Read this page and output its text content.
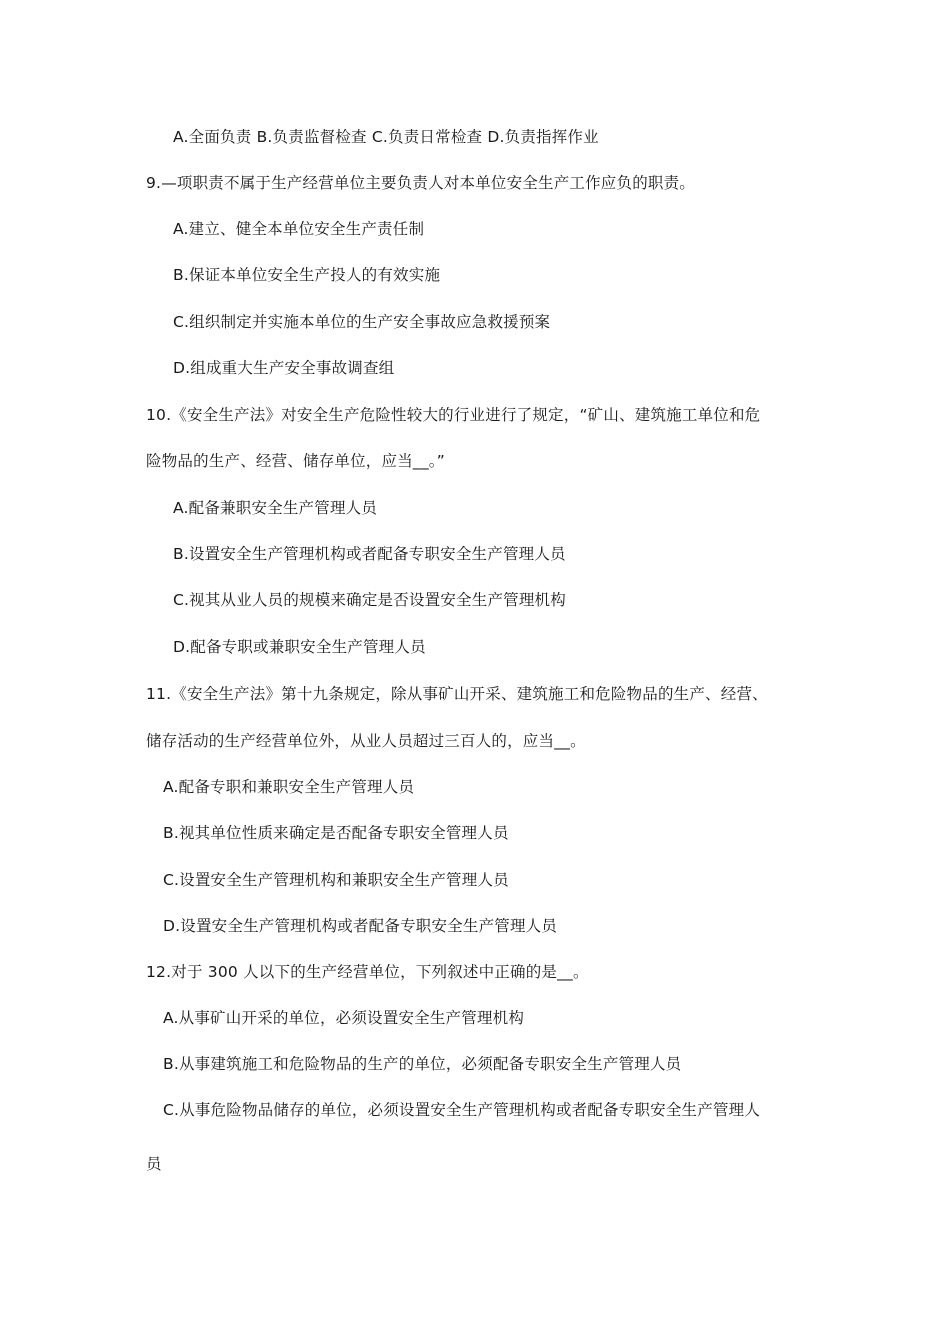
A.全面负责 B.负责监督检查 C.负责日常检查 D.负责指挥作业
9.—项职责不属于生产经营单位主要负责人对本单位安全生产工作应负的职责。
A.建立、健全本单位安全生产责任制
B.保证本单位安全生产投人的有效实施
C.组织制定并实施本单位的生产安全事故应急救援预案
D.组成重大生产安全事故调查组
10.《安全生产法》对安全生产危险性较大的行业进行了规定，“矿山、建筑施工单位和危
险物品的生产、经营、储存单位，应当__。”
A.配备兼职安全生产管理人员
B.设置安全生产管理机构或者配备专职安全生产管理人员
C.视其从业人员的规模来确定是否设置安全生产管理机构
D.配备专职或兼职安全生产管理人员
11.《安全生产法》第十九条规定，除从事矿山开采、建筑施工和危险物品的生产、经营、
储存活动的生产经营单位外，从业人员超过三百人的，应当__。
A.配备专职和兼职安全生产管理人员
B.视其单位性质来确定是否配备专职安全管理人员
C.设置安全生产管理机构和兼职安全生产管理人员
D.设置安全生产管理机构或者配备专职安全生产管理人员
12.对于 300 人以下的生产经营单位，下列叙述中正确的是__。
A.从事矿山开采的单位，必须设置安全生产管理机构
B.从事建筑施工和危险物品的生产的单位，必须配备专职安全生产管理人员
C.从事危险物品储存的单位，必须设置安全生产管理机构或者配备专职安全生产管理人
员
